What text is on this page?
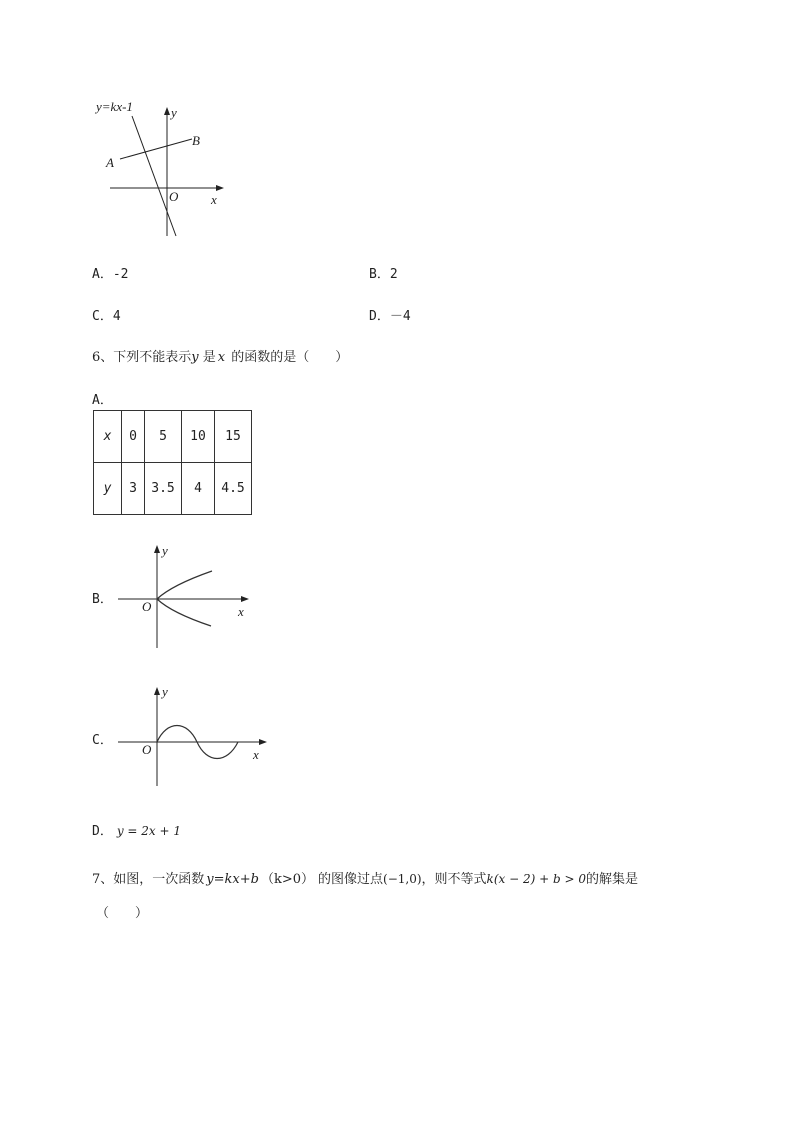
y=kx-1
A
B
O	x
y
A．-2	B．2
C．4	D．－4
6、下列不能表示y 是 x 的函数的是（　　）
A．
x	0	5	10	15
y	3	3.5	4	4.5
B． O	x
y
C．
O	x
y
D． y = 2x + 1
7、如图，一次函数 y=kx+b （k>0） 的图像过点(−1,0)，则不等式k(x − 2) + b > 0的解集是
（　　）
